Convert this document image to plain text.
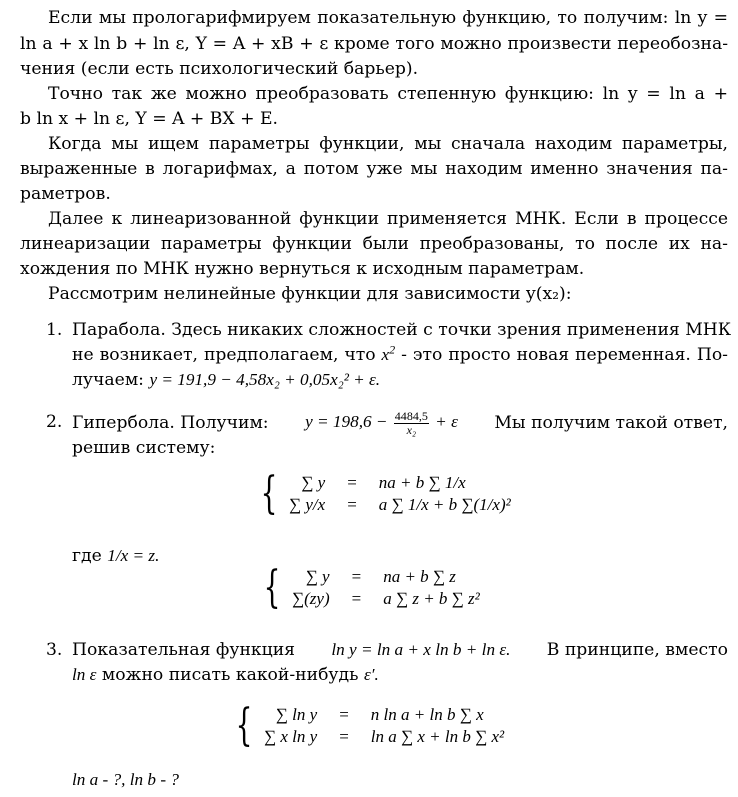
Если мы прологарифмируем показательную функцию, то получим: ln y =
ln a + x ln b + ln ε, Y = A + xB + ε кроме того можно произвести переобозна-
чения (если есть психологический барьер).
Точно так же можно преобразовать степенную функцию: ln y = ln a +
b ln x + ln ε, Y = A + BX + E.
Когда мы ищем параметры функции, мы сначала находим параметры,
выраженные в логарифмах, а потом уже мы находим именно значения па-
раметров.
Далее к линеаризованной функции применяется МНК. Если в процессе
линеаризации параметры функции были преобразованы, то после их на-
хождения по МНК нужно вернуться к исходным параметрам.
Рассмотрим нелинейные функции для зависимости y(x₂):
1. Парабола. Здесь никаких сложностей с точки зрения применения МНК
не возникает, предполагаем, что $x^2$ - это просто новая переменная. По-
лучаем: y = 191,9 − 4,58x₂ + 0,05x₂² + ε.
2. Гипербола. Получим: $y = 198,6 - \frac{4484,5}{\text{x₂}} + \varepsilon$ Мы получим такой ответ,
решив систему:
{	∑ y = na + b ∑ 1/x
∑ y/x = a ∑ 1/x + b ∑(1/x)²
где 1/x = z.
{	∑ y = na + b ∑ z
∑(zy) = a ∑ z + b ∑ z²
3. Показательная функция ln y = ln a + x ln b + ln ε. В принципе, вместо
ln ε можно писать какой-нибудь ε′.
{	∑ ln y = n ln a + ln b ∑ x
∑ x ln y = ln a ∑ x + ln b ∑ x²
ln a - ?, ln b - ?
